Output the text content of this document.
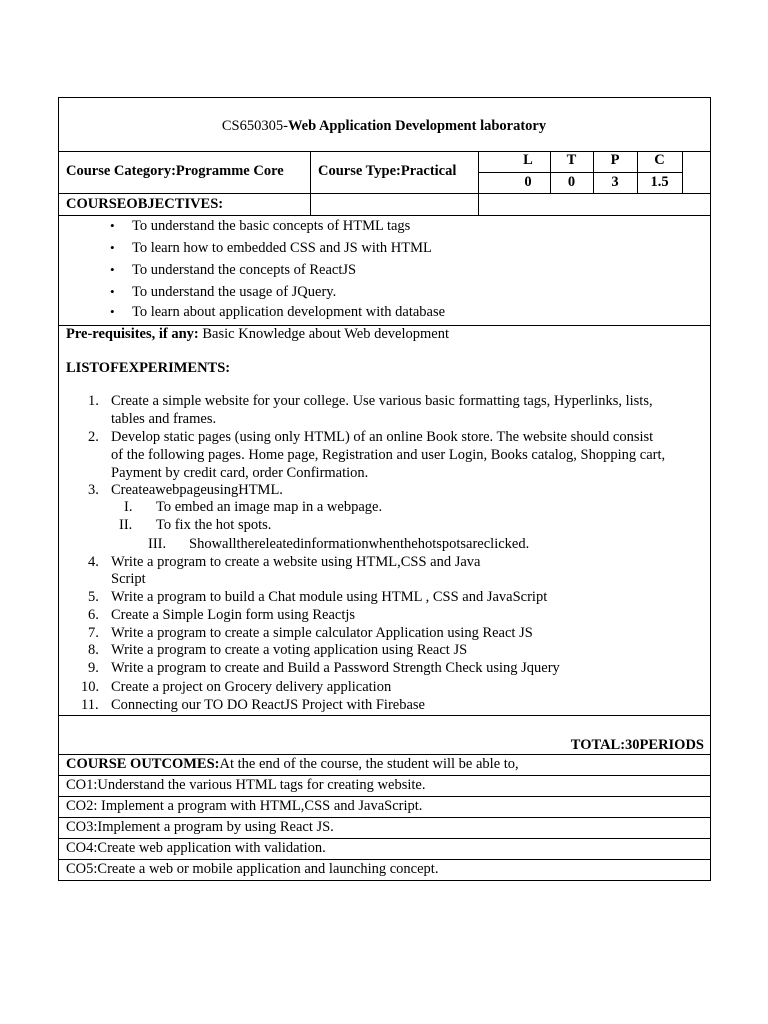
CS650305-Web Application Development laboratory
Course Category:Programme Core Course Type:Practical
L	T	P	C
0	0	3	1.5
COURSEOBJECTIVES:
• To understand the basic concepts of HTML tags
• To learn how to embedded CSS and JS with HTML
• To understand the concepts of ReactJS
• To understand the usage of JQuery.
• To learn about application development with database
Pre-requisites, if any: Basic Knowledge about Web development
LISTOFEXPERIMENTS:
1. Create a simple website for your college. Use various basic formatting tags, Hyperlinks, lists,
tables and frames.
2. Develop static pages (using only HTML) of an online Book store. The website should consist
of the following pages. Home page, Registration and user Login, Books catalog, Shopping cart,
Payment by credit card, order Confirmation.
3. CreateawebpageusingHTML.
I. To embed an image map in a webpage.
II. To fix the hot spots.
III. Showallthereleatedinformationwhenthehotspotsareclicked.
4. Write a program to create a website using HTML,CSS and Java
Script
5. Write a program to build a Chat module using HTML , CSS and JavaScript
6. Create a Simple Login form using Reactjs
7. Write a program to create a simple calculator Application using React JS
8. Write a program to create a voting application using React JS
9. Write a program to create and Build a Password Strength Check using Jquery
10. Create a project on Grocery delivery application
11. Connecting our TO DO ReactJS Project with Firebase
TOTAL:30PERIODS
COURSE OUTCOMES:At the end of the course, the student will be able to,
CO1:Understand the various HTML tags for creating website.
CO2: Implement a program with HTML,CSS and JavaScript.
CO3:Implement a program by using React JS.
CO4:Create web application with validation.
CO5:Create a web or mobile application and launching concept.
